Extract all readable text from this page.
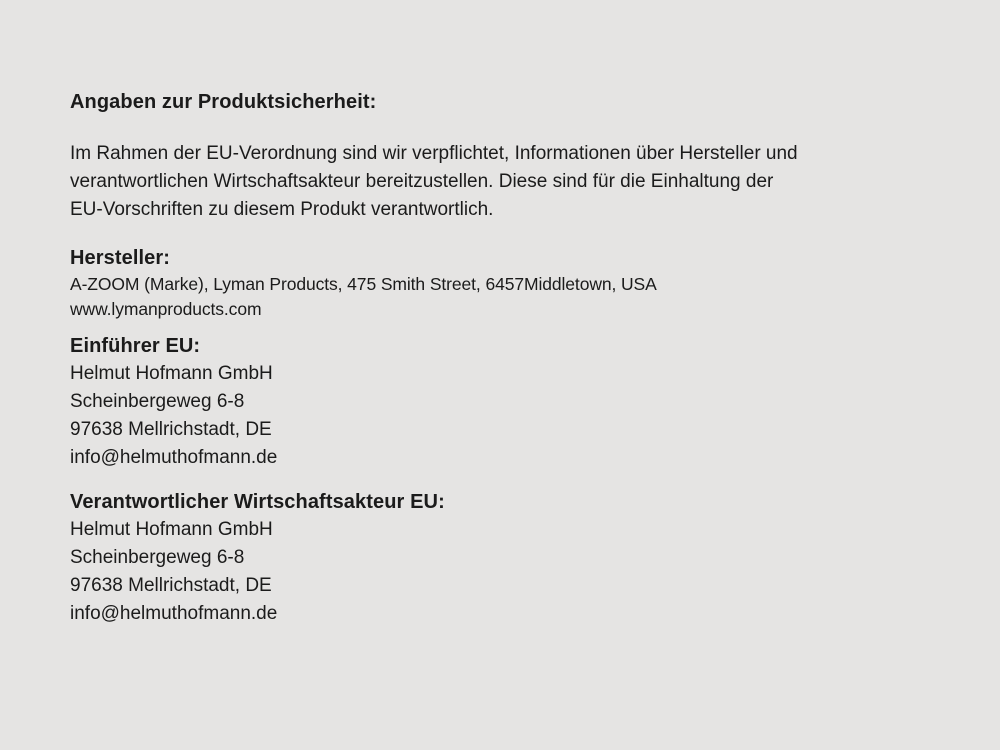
Angaben zur Produktsicherheit:

Im Rahmen der EU-Verordnung sind wir verpflichtet, Informationen über Hersteller und
verantwortlichen Wirtschaftsakteur bereitzustellen. Diese sind für die Einhaltung der
EU-Vorschriften zu diesem Produkt verantwortlich.

Hersteller:
A-ZOOM (Marke), Lyman Products, 475 Smith Street, 6457Middletown, USA
www.lymanproducts.com
Einführer EU:
Helmut Hofmann GmbH
Scheinbergeweg 6-8
97638 Mellrichstadt, DE
info@helmuthofmann.de
Verantwortlicher Wirtschaftsakteur EU:
Helmut Hofmann GmbH
Scheinbergeweg 6-8
97638 Mellrichstadt, DE
info@helmuthofmann.de
